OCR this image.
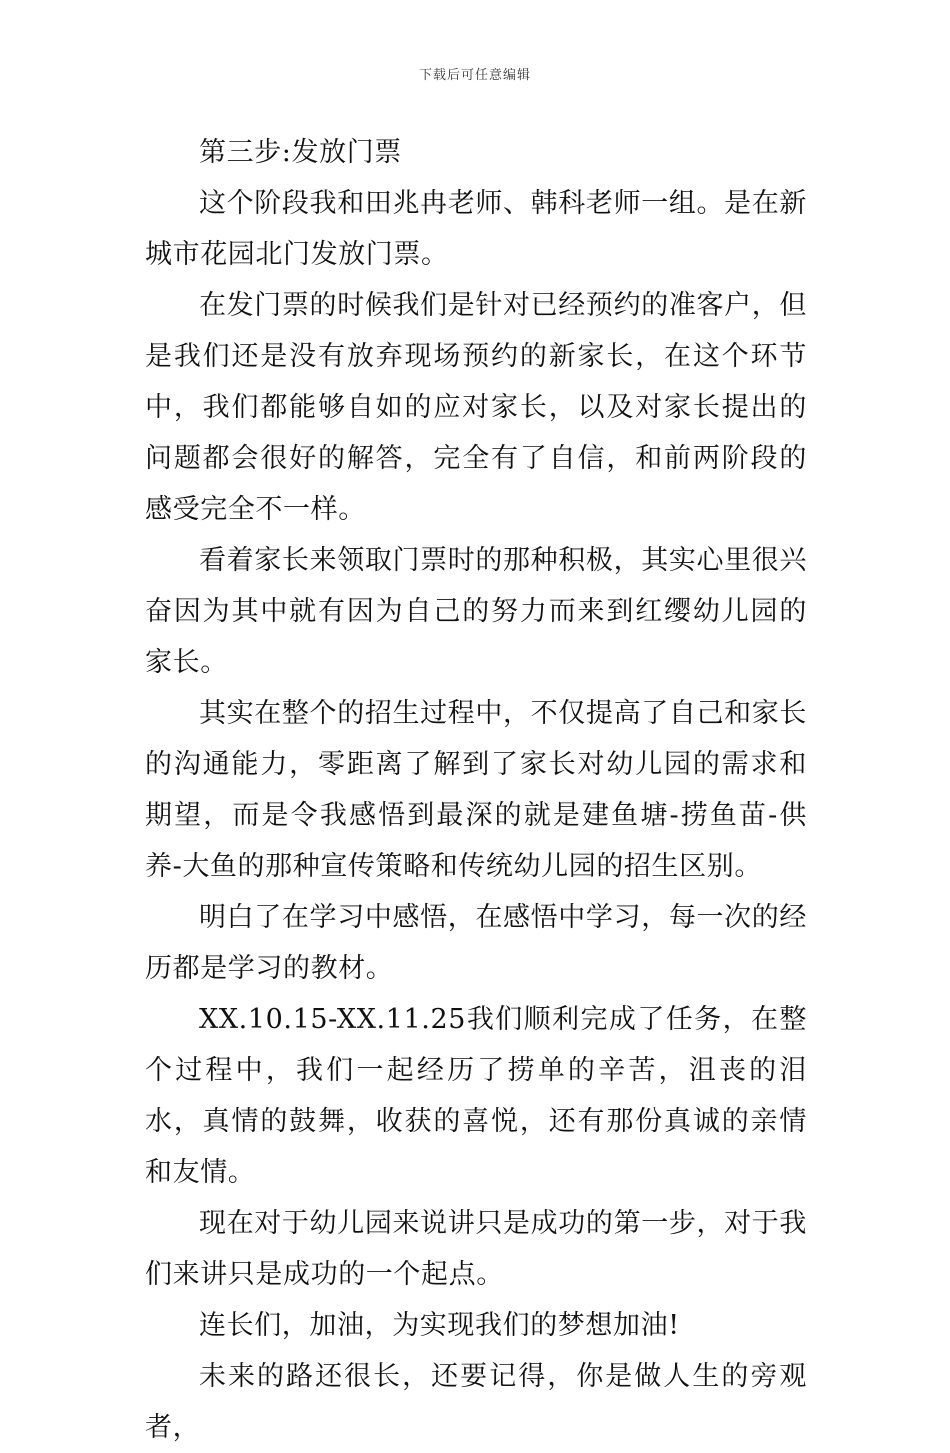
下载后可任意编辑

第三步:发放门票

这个阶段我和田兆冉老师、韩科老师一组。是在新城市花园北门发放门票。

在发门票的时候我们是针对已经预约的准客户，但是我们还是没有放弃现场预约的新家长，在这个环节中，我们都能够自如的应对家长，以及对家长提出的问题都会很好的解答，完全有了自信，和前两阶段的感受完全不一样。

看着家长来领取门票时的那种积极，其实心里很兴奋因为其中就有因为自己的努力而来到红缨幼儿园的家长。

其实在整个的招生过程中，不仅提高了自己和家长的沟通能力，零距离了解到了家长对幼儿园的需求和期望，而是令我感悟到最深的就是建鱼塘-捞鱼苗-供养-大鱼的那种宣传策略和传统幼儿园的招生区别。

明白了在学习中感悟，在感悟中学习，每一次的经历都是学习的教材。

XX.10.15-XX.11.25我们顺利完成了任务，在整个过程中，我们一起经历了捞单的辛苦，沮丧的泪水，真情的鼓舞，收获的喜悦，还有那份真诚的亲情和友情。

现在对于幼儿园来说讲只是成功的第一步，对于我们来讲只是成功的一个起点。

连长们，加油，为实现我们的梦想加油!

未来的路还很长，还要记得，你是做人生的旁观者，
